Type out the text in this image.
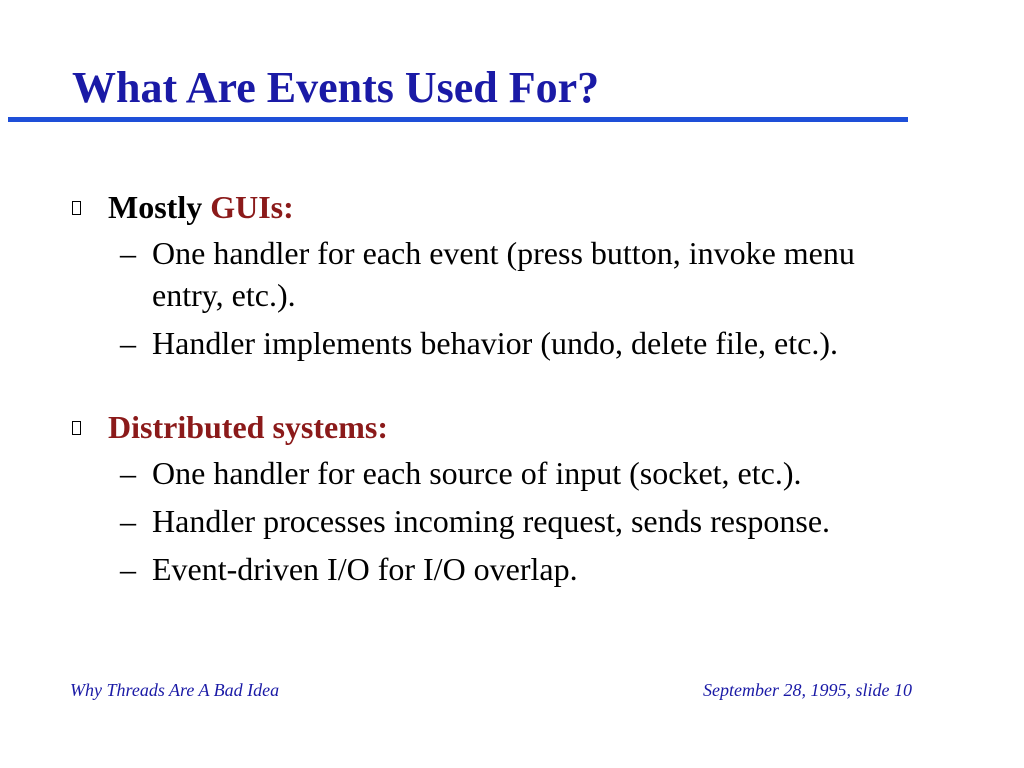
What Are Events Used For?
Mostly GUIs:
– One handler for each event (press button, invoke menu entry, etc.).
– Handler implements behavior (undo, delete file, etc.).
Distributed systems:
– One handler for each source of input (socket, etc.).
– Handler processes incoming request, sends response.
– Event-driven I/O for I/O overlap.
Why Threads Are A Bad Idea	September 28, 1995, slide 10
